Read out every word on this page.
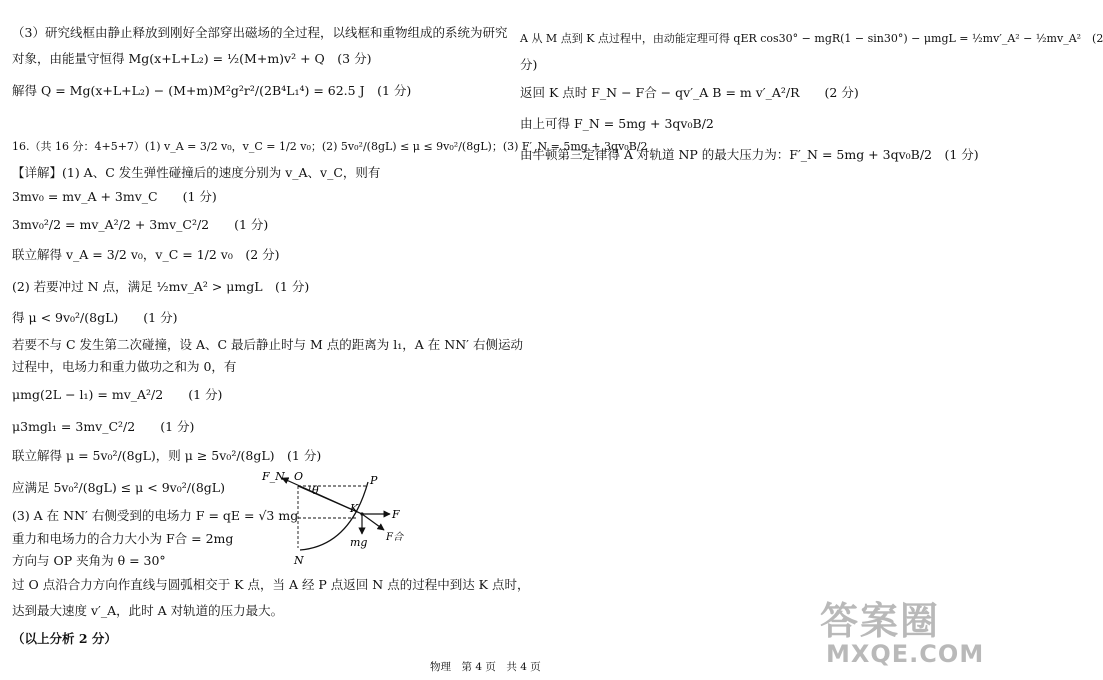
（3）研究线框由静止释放到刚好全部穿出磁场的全过程，以线框和重物组成的系统为研究
对象，由能量守恒得 Mg(x+L+L₂) = ½(M+m)v² + Q　(3 分)
解得 Q = Mg(x+L+L₂) − (M+m)M²g²r²/(2B⁴L₁⁴) = 62.5 J　(1 分)
16.（共 16 分：4+5+7）(1) v_A = 3/2 v₀，v_C = 1/2 v₀；(2) 5v₀²/(8gL) ≤ μ ≤ 9v₀²/(8gL)；(3) F′_N = 5mg + 3qv₀B/2
【详解】(1) A、C 发生弹性碰撞后的速度分别为 v_A、v_C，则有
3mv₀ = mv_A + 3mv_C　　(1 分)
3mv₀²/2 = mv_A²/2 + 3mv_C²/2　　(1 分)
联立解得 v_A = 3/2 v₀，v_C = 1/2 v₀　(2 分)
(2) 若要冲过 N 点，满足 ½mv_A² > μmgL　(1 分)
得 μ < 9v₀²/(8gL)　　(1 分)
若要不与 C 发生第二次碰撞，设 A、C 最后静止时与 M 点的距离为 l₁，A 在 NN′ 右侧运动
过程中，电场力和重力做功之和为 0，有
μmg(2L − l₁) = mv_A²/2　　(1 分)
μ3mgl₁ = 3mv_C²/2　　(1 分)
联立解得 μ = 5v₀²/(8gL)，则 μ ≥ 5v₀²/(8gL)　(1 分)
应满足 5v₀²/(8gL) ≤ μ < 9v₀²/(8gL)
(3) A 在 NN′ 右侧受到的电场力 F = qE = √3 mg
重力和电场力的合力大小为 F合 = 2mg
方向与 OP 夹角为 θ = 30°
过 O 点沿合力方向作直线与圆弧相交于 K 点，当 A 经 P 点返回 N 点的过程中到达 K 点时，
达到最大速度 v′_A，此时 A 对轨道的压力最大。
（以上分析 2 分）
F_N O
θ
P
K	F
mg F合
N
A 从 M 点到 K 点过程中，由动能定理可得 qER cos30° − mgR(1 − sin30°) − μmgL = ½mv′_A² − ½mv_A²　(2
分)
返回 K 点时 F_N − F合 − qv′_A B = m v′_A²/R　　(2 分)
由上可得 F_N = 5mg + 3qv₀B/2
由牛顿第三定律得 A 对轨道 NP 的最大压力为：F′_N = 5mg + 3qv₀B/2　(1 分)
答案圈
MXQE.COM
物理　第 4 页　共 4 页
